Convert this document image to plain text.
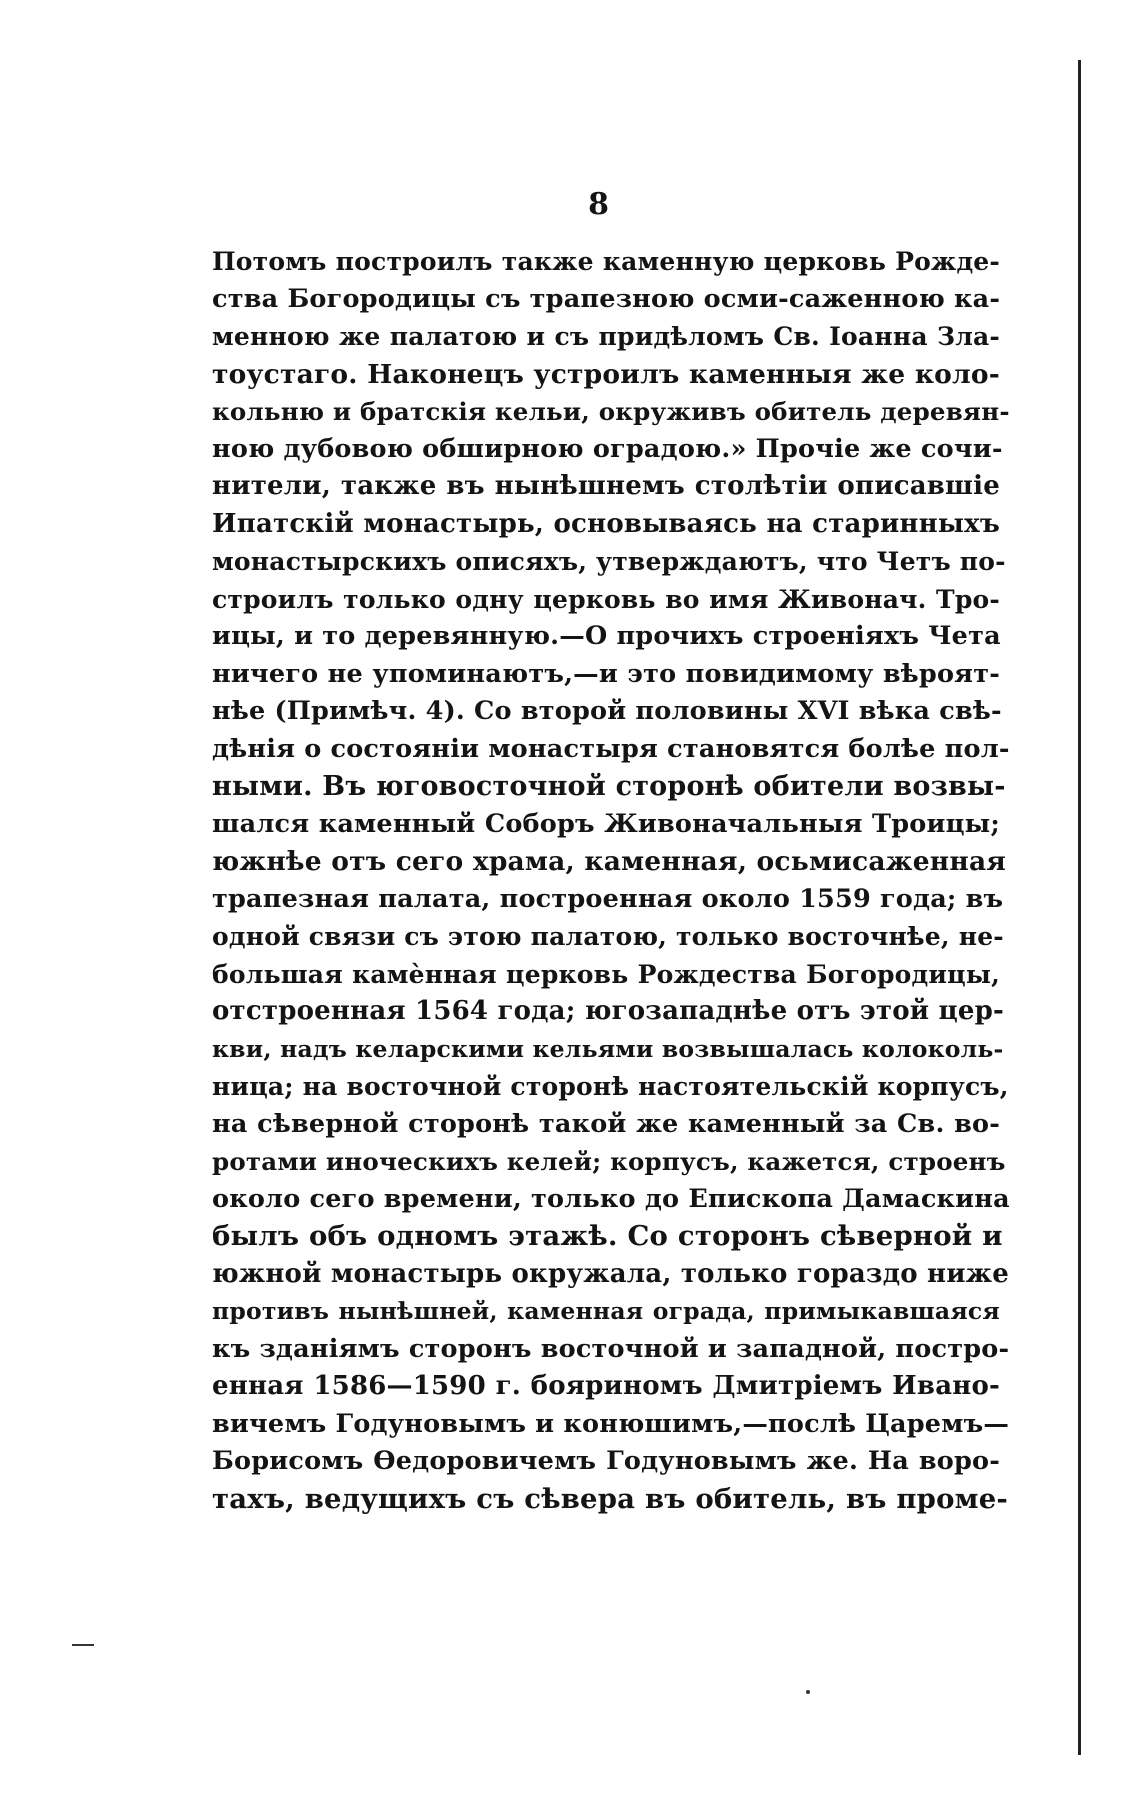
8
Потомъ построилъ также каменную церковь Рожде-
ства Богородицы съ трапезною осми-саженною ка-
менною же палатою и съ придѣломъ Св. Іоанна Зла-
тоустаго. Наконецъ устроилъ каменныя же коло-
кольню и братскія кельи, окруживъ обитель деревян-
ною дубовою обширною оградою.» Прочіе же сочи-
нители, также въ нынѣшнемъ столѣтіи описавшіе
Ипатскій монастырь, основываясь на старинныхъ
монастырскихъ описяхъ, утверждаютъ, что Четъ по-
строилъ только одну церковь во имя Живонач. Тро-
ицы, и то деревянную.—О прочихъ строеніяхъ Чета
ничего не упоминаютъ,—и это повидимому вѣроят-
нѣе (Примѣч. 4). Со второй половины XVI вѣка свѣ-
дѣнія о состояніи монастыря становятся болѣе пол-
ными. Въ юговосточной сторонѣ обители возвы-
шался каменный Соборъ Живоначальныя Троицы;
южнѣе отъ сего храма, каменная, осьмисаженная
трапезная палата, построенная около 1559 года; въ
одной связи съ этою палатою, только восточнѣе, не-
большая камѐнная церковь Рождества Богородицы,
отстроенная 1564 года; югозападнѣе отъ этой цер-
кви, надъ келарскими кельями возвышалась колоколь-
ница; на восточной сторонѣ настоятельскій корпусъ,
на сѣверной сторонѣ такой же каменный за Св. во-
ротами иноческихъ келей; корпусъ, кажется, строенъ
около сего времени, только до Епископа Дамаскина
былъ объ одномъ этажѣ. Со сторонъ сѣверной и
южной монастырь окружала, только гораздо ниже
противъ нынѣшней, каменная ограда, примыкавшаяся
къ зданіямъ сторонъ восточной и западной, постро-
енная 1586—1590 г. бояриномъ Дмитріемъ Ивано-
вичемъ Годуновымъ и конюшимъ,—послѣ Царемъ—
Борисомъ Ѳедоровичемъ Годуновымъ же. На воро-
тахъ, ведущихъ съ сѣвера въ обитель, въ проме-
